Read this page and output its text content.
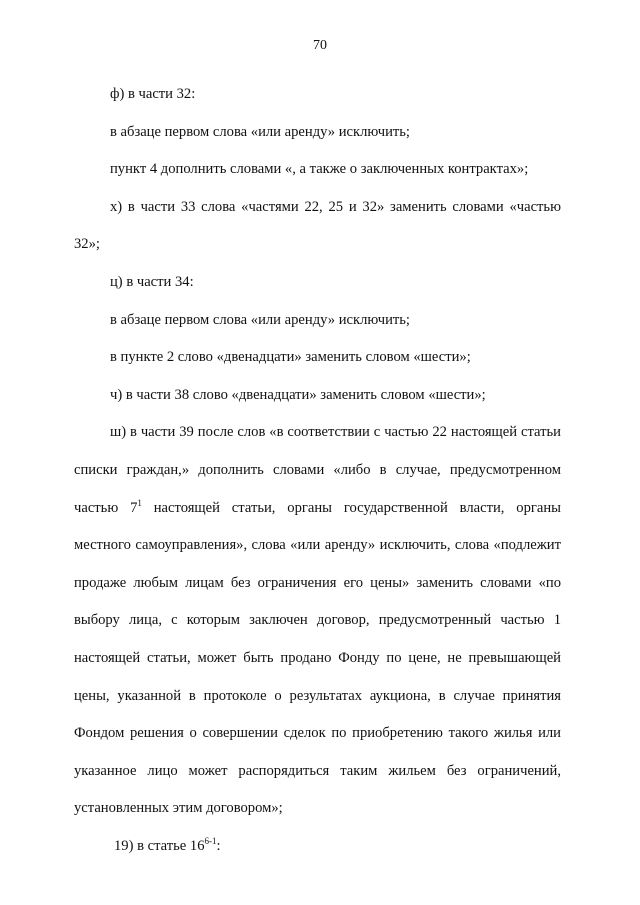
70

ф) в части 32:

в абзаце первом слова «или аренду» исключить;

пункт 4 дополнить словами «, а также о заключенных контрактах»;

х) в части 33 слова «частями 22, 25 и 32» заменить словами «частью 32»;

ц) в части 34:

в абзаце первом слова «или аренду» исключить;

в пункте 2 слово «двенадцати» заменить словом «шести»;

ч) в части 38 слово «двенадцати» заменить словом «шести»;

ш) в части 39 после слов «в соответствии с частью 22 настоящей статьи списки граждан,» дополнить словами «либо в случае, предусмотренном частью $7^1$ настоящей статьи, органы государственной власти, органы местного самоуправления», слова «или аренду» исключить, слова «подлежит продаже любым лицам без ограничения его цены» заменить словами «по выбору лица, с которым заключен договор, предусмотренный частью 1 настоящей статьи, может быть продано Фонду по цене, не превышающей цены, указанной в протоколе о результатах аукциона, в случае принятия Фондом решения о совершении сделок по приобретению такого жилья или указанное лицо может распорядиться таким жильем без ограничений, установленных этим договором»;

19) в статье 16$^{6-1}$:
